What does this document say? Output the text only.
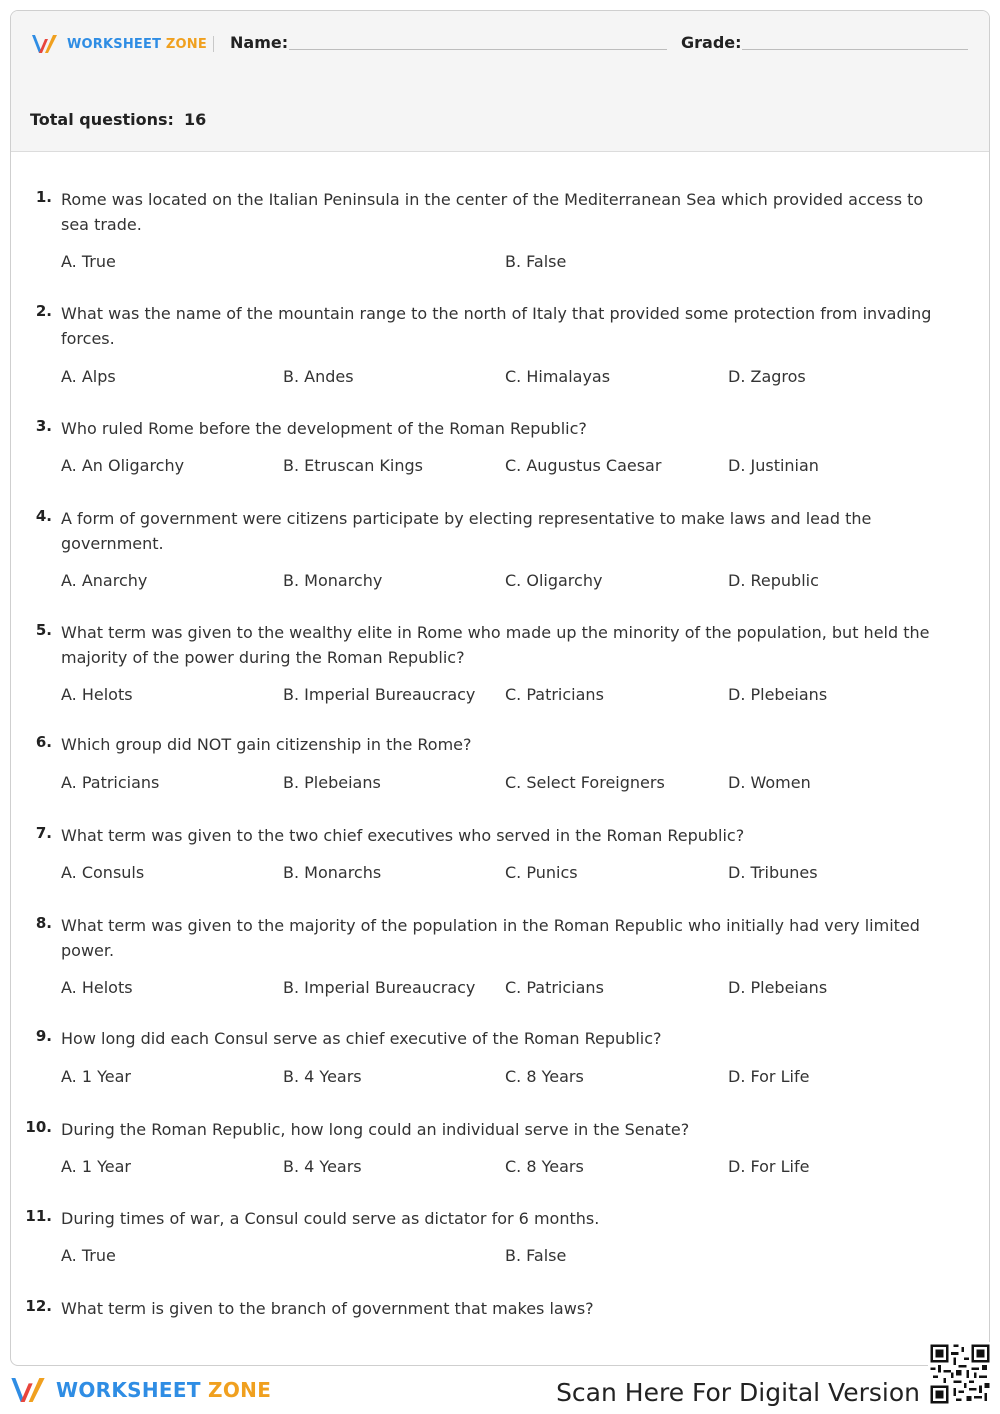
WORKSHEET ZONE Name:	Grade:
Total questions: 16
1. Rome was located on the Italian Peninsula in the center of the Mediterranean Sea which provided access to sea trade.
A. True	B. False
2. What was the name of the mountain range to the north of Italy that provided some protection from invading forces.
A. Alps	B. Andes	C. Himalayas	D. Zagros
3. Who ruled Rome before the development of the Roman Republic?
A. An Oligarchy	B. Etruscan Kings	C. Augustus Caesar	D. Justinian
4. A form of government were citizens participate by electing representative to make laws and lead the government.
A. Anarchy	B. Monarchy	C. Oligarchy	D. Republic
5. What term was given to the wealthy elite in Rome who made up the minority of the population, but held the majority of the power during the Roman Republic?
A. Helots	B. Imperial Bureaucracy C. Patricians	D. Plebeians
6. Which group did NOT gain citizenship in the Rome?
A. Patricians	B. Plebeians	C. Select Foreigners	D. Women
7. What term was given to the two chief executives who served in the Roman Republic?
A. Consuls	B. Monarchs	C. Punics	D. Tribunes
8. What term was given to the majority of the population in the Roman Republic who initially had very limited power.
A. Helots	B. Imperial Bureaucracy C. Patricians	D. Plebeians
9. How long did each Consul serve as chief executive of the Roman Republic?
A. 1 Year	B. 4 Years	C. 8 Years	D. For Life
10. During the Roman Republic, how long could an individual serve in the Senate?
A. 1 Year	B. 4 Years	C. 8 Years	D. For Life
11. During times of war, a Consul could serve as dictator for 6 months.
A. True	B. False
12. What term is given to the branch of government that makes laws?
WORKSHEET ZONE	Scan Here For Digital Version
